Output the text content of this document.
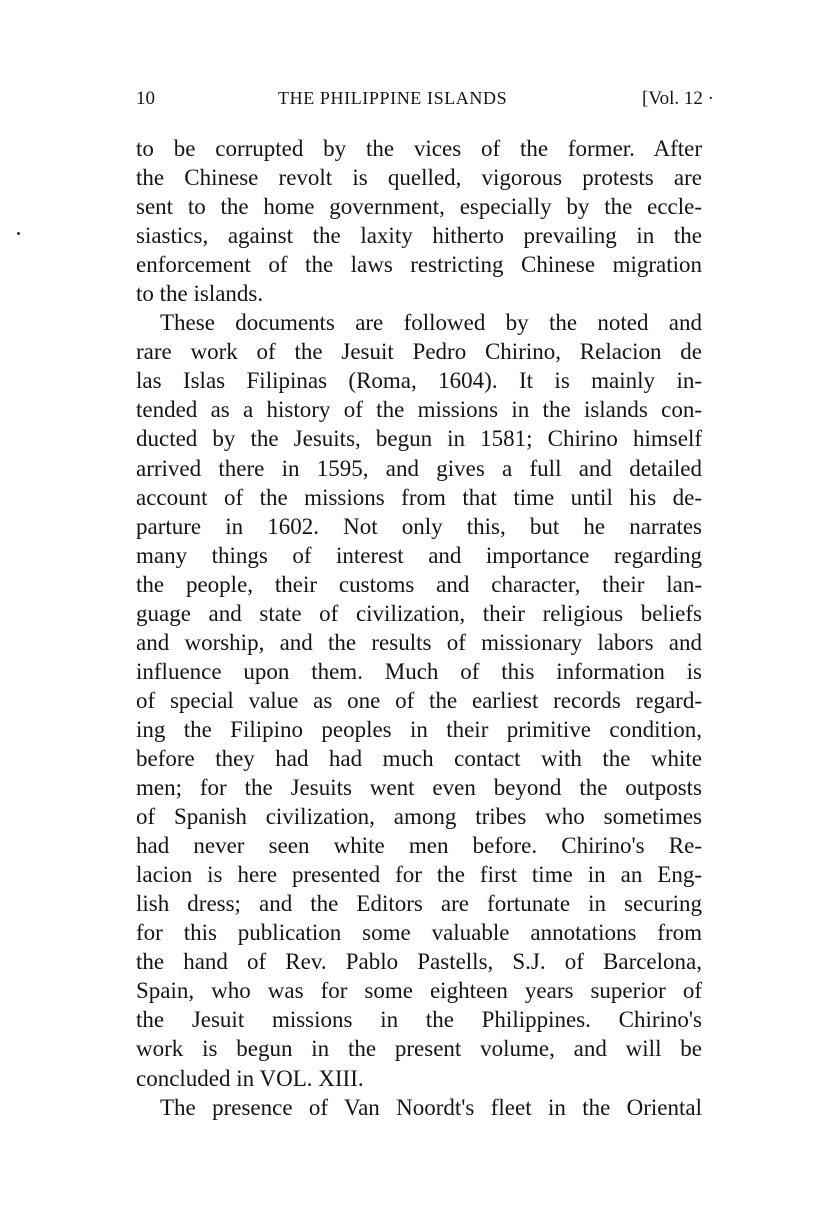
10	THE PHILIPPINE ISLANDS	[Vol. 12 ·
to be corrupted by the vices of the former. After
the Chinese revolt is quelled, vigorous protests are
sent to the home government, especially by the eccle-
siastics, against the laxity hitherto prevailing in the
enforcement of the laws restricting Chinese migration
to the islands.
These documents are followed by the noted and
rare work of the Jesuit Pedro Chirino, Relacion de
las Islas Filipinas (Roma, 1604). It is mainly in-
tended as a history of the missions in the islands con-
ducted by the Jesuits, begun in 1581; Chirino himself
arrived there in 1595, and gives a full and detailed
account of the missions from that time until his de-
parture in 1602. Not only this, but he narrates
many things of interest and importance regarding
the people, their customs and character, their lan-
guage and state of civilization, their religious beliefs
and worship, and the results of missionary labors and
influence upon them. Much of this information is
of special value as one of the earliest records regard-
ing the Filipino peoples in their primitive condition,
before they had had much contact with the white
men; for the Jesuits went even beyond the outposts
of Spanish civilization, among tribes who sometimes
had never seen white men before. Chirino's Re-
lacion is here presented for the first time in an Eng-
lish dress; and the Editors are fortunate in securing
for this publication some valuable annotations from
the hand of Rev. Pablo Pastells, S.J. of Barcelona,
Spain, who was for some eighteen years superior of
the Jesuit missions in the Philippines. Chirino's
work is begun in the present volume, and will be
concluded in VOL. XIII.
The presence of Van Noordt's fleet in the Oriental
